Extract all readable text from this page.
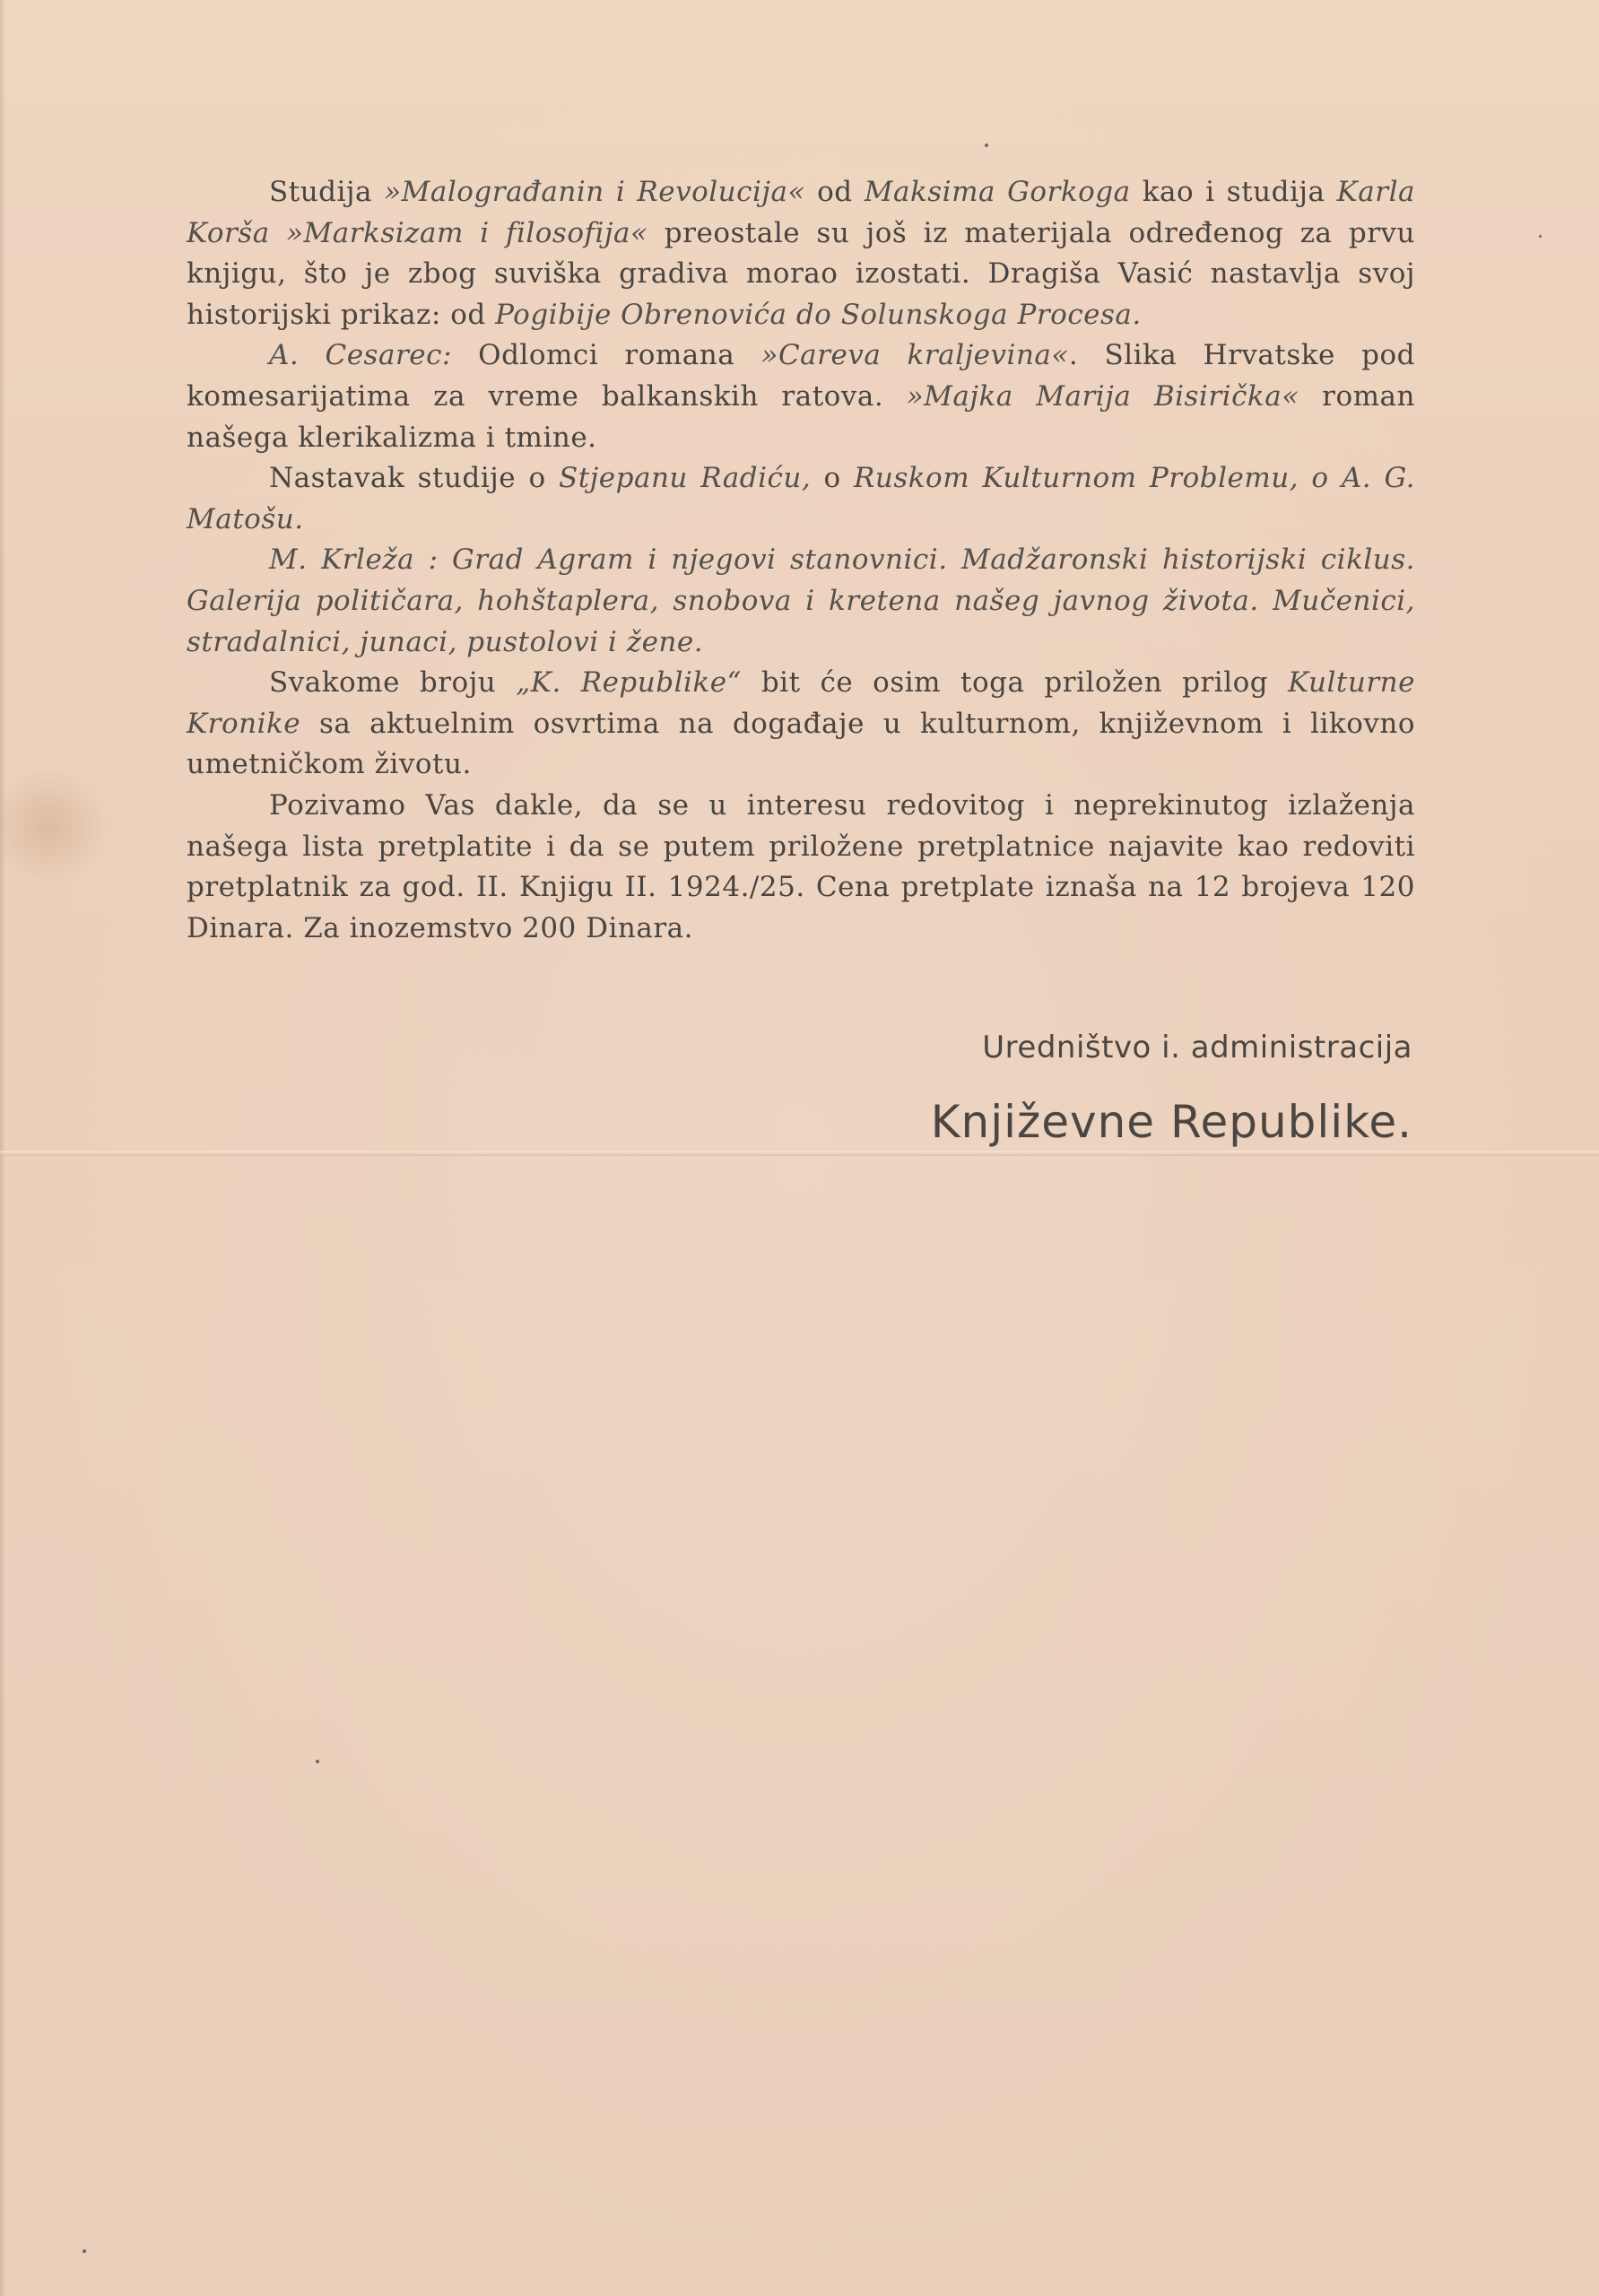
Studija »Malograđanin i Revolucija« od Maksima Gorkoga kao i studija Karla Korša »Marksizam i filosofija« preostale su još iz materijala određenog za prvu knjigu, što je zbog suviška gradiva morao izostati. Dragiša Vasić nastavlja svoj historijski prikaz: od Pogibije Obrenovića do Solunskoga Procesa.

A. Cesarec: Odlomci romana »Careva kraljevina«. Slika Hrvatske pod komesarijatima za vreme balkanskih ratova. »Majka Marija Bisirička« roman našega klerikalizma i tmine.

Nastavak studije o Stjepanu Radiću, o Ruskom Kulturnom Problemu, o A. G. Matošu.

M. Krleža : Grad Agram i njegovi stanovnici. Madžaronski historijski ciklus. Galerija političara, hohštaplera, snobova i kretena našeg javnog života. Mučenici, stradalnici, junaci, pustolovi i žene.

Svakome broju „K. Republike“ bit će osim toga priložen prilog Kulturne Kronike sa aktuelnim osvrtima na događaje u kulturnom, književnom i likovno umetničkom životu.

Pozivamo Vas dakle, da se u interesu redovitog i neprekinutog izlaženja našega lista pretplatite i da se putem priložene pretplatnice najavite kao redoviti pretplatnik za god. II. Knjigu II. 1924./25. Cena pretplate iznaša na 12 brojeva 120 Dinara. Za inozemstvo 200 Dinara.

Uredništvo i. administracija
Književne Republike.
